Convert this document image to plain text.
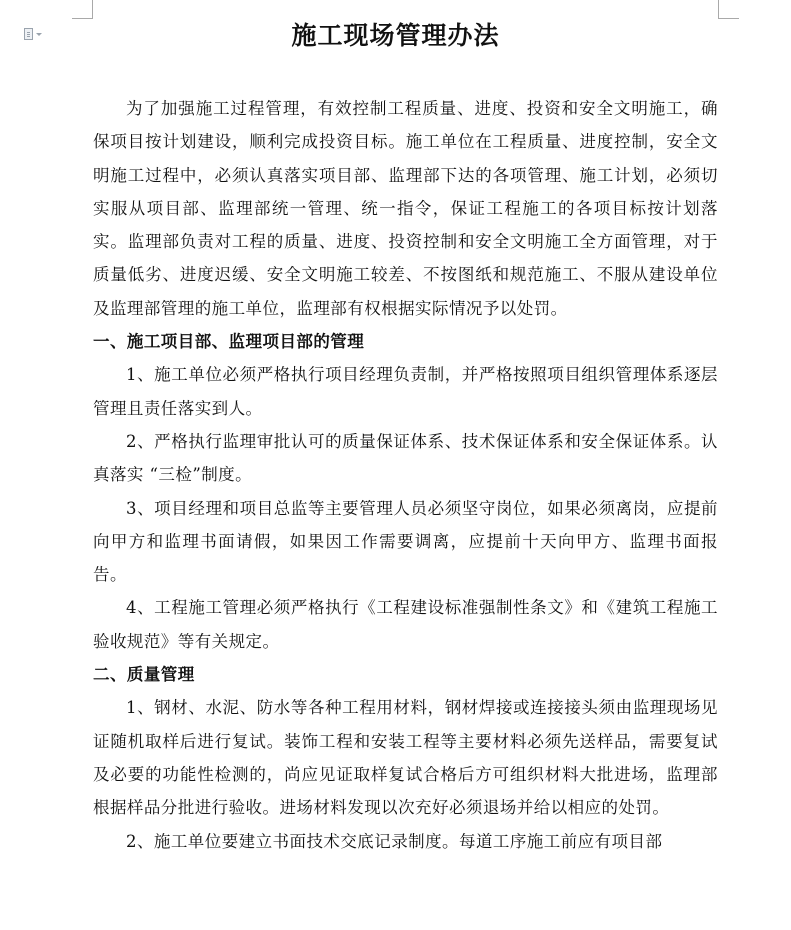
施工现场管理办法

为了加强施工过程管理，有效控制工程质量、进度、投资和安全文明施工，确保项目按计划建设，顺利完成投资目标。施工单位在工程质量、进度控制，安全文明施工过程中，必须认真落实项目部、监理部下达的各项管理、施工计划，必须切实服从项目部、监理部统一管理、统一指令，保证工程施工的各项目标按计划落实。监理部负责对工程的质量、进度、投资控制和安全文明施工全方面管理，对于质量低劣、进度迟缓、安全文明施工较差、不按图纸和规范施工、不服从建设单位及监理部管理的施工单位，监理部有权根据实际情况予以处罚。

一、施工项目部、监理项目部的管理

1、施工单位必须严格执行项目经理负责制，并严格按照项目组织管理体系逐层管理且责任落实到人。

2、严格执行监理审批认可的质量保证体系、技术保证体系和安全保证体系。认真落实 “三检”制度。

3、项目经理和项目总监等主要管理人员必须坚守岗位，如果必须离岗，应提前向甲方和监理书面请假，如果因工作需要调离，应提前十天向甲方、监理书面报告。

4、工程施工管理必须严格执行《工程建设标准强制性条文》和《建筑工程施工验收规范》等有关规定。

二、质量管理

1、钢材、水泥、防水等各种工程用材料，钢材焊接或连接接头须由监理现场见证随机取样后进行复试。装饰工程和安装工程等主要材料必须先送样品，需要复试及必要的功能性检测的，尚应见证取样复试合格后方可组织材料大批进场，监理部根据样品分批进行验收。进场材料发现以次充好必须退场并给以相应的处罚。

2、施工单位要建立书面技术交底记录制度。每道工序施工前应有项目部
